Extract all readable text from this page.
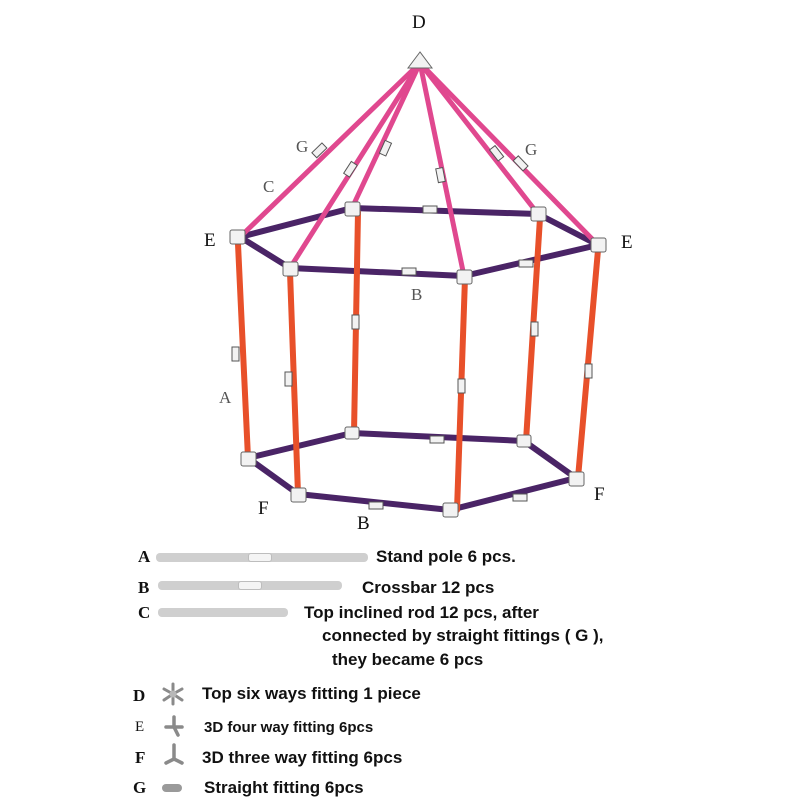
D
G	G
C
E	E
B
A
F
F
B
A	Stand pole 6 pcs.
B	Crossbar 12 pcs
C	Top inclined rod 12 pcs, after
connected by straight fittings ( G ),
they became 6 pcs
D	Top six ways fitting 1 piece
E	3D four way fitting 6pcs
F	3D three way fitting 6pcs
G	Straight fitting 6pcs
